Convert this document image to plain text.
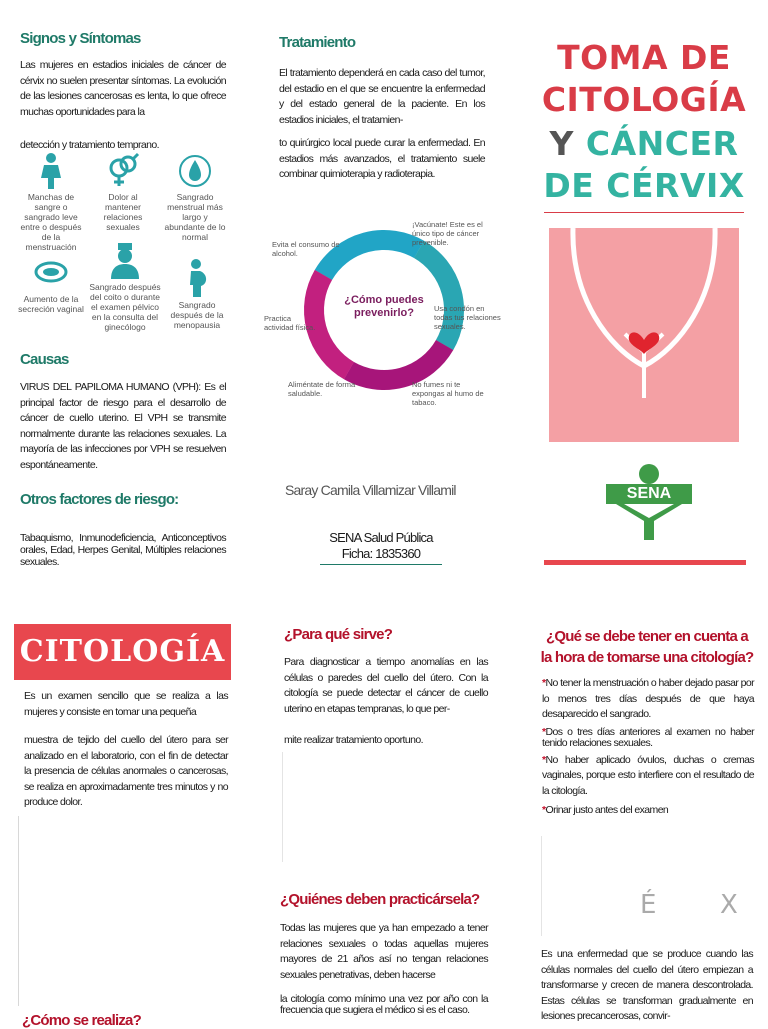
Signos y Síntomas
Las mujeres en estadios iniciales de cáncer de cérvix no suelen presentar síntomas. La evolución de las lesiones cancerosas es lenta, lo que ofrece muchas oportunidades para la
detección y tratamiento temprano.
Manchas de sangre o sangrado leve entre o después de la menstruación
Dolor al mantener relaciones sexuales
Sangrado menstrual más largo y abundante de lo normal
Aumento de la secreción vaginal
Sangrado después del coito o durante el examen pélvico en la consulta del ginecólogo
Sangrado después de la menopausia
Causas
VIRUS DEL PAPILOMA HUMANO (VPH): Es el principal factor de riesgo para el desarrollo de cáncer de cuello uterino. El VPH se transmite normalmente durante las relaciones sexuales. La mayoría de las infecciones por VPH se resuelven espontáneamente.
Otros factores de riesgo:
Tabaquismo, Inmunodeficiencia, Anticonceptivos orales, Edad, Herpes Genital, Múltiples relaciones sexuales.
Tratamiento
El tratamiento dependerá en cada caso del tumor, del estadio en el que se encuentre la enfermedad y del estado general de la paciente. En los estadios iniciales, el tratamien-
to quirúrgico local puede curar la enfermedad. En estadios más avanzados, el tratamiento suele combinar quimioterapia y radioterapia.
¿Cómo puedes prevenirlo?
Evita el consumo de alcohol.
¡Vacúnate! Este es el único tipo de cáncer prevenible.
Usa condón en todas tus relaciones sexuales.
No fumes ni te expongas al humo de tabaco.
Aliméntate de forma saludable.
Practica actividad física.
Saray Camila Villamizar Villamil
SENA Salud Pública
Ficha: 1835360
TOMA DE
CITOLOGÍA
Y CÁNCER
DE CÉRVIX
SENA
CITOLOGÍA
Es un examen sencillo que se realiza a las mujeres y consiste en tomar una pequeña
muestra de tejido del cuello del útero para ser analizado en el laboratorio, con el fin de detectar la presencia de células anormales o cancerosas, se realiza en aproximadamente tres minutos y no produce dolor.
¿Cómo se realiza?
¿Para qué sirve?
Para diagnosticar a tiempo anomalías en las células o paredes del cuello del útero. Con la citología se puede detectar el cáncer de cuello uterino en etapas tempranas, lo que per-
mite realizar tratamiento oportuno.
¿Quiénes deben practicársela?
Todas las mujeres que ya han empezado a tener relaciones sexuales o todas aquellas mujeres mayores de 21 años así no tengan relaciones sexuales penetrativas, deben hacerse
la citología como mínimo una vez por año con la frecuencia que sugiera el médico si es el caso.
¿Qué se debe tener en cuenta a la hora de tomarse una citología?
*No tener la menstruación o haber dejado pasar por lo menos tres días después de que haya desaparecido el sangrado.
*Dos o tres días anteriores al examen no haber tenido relaciones sexuales.
*No haber aplicado óvulos, duchas o cremas vaginales, porque esto interfiere con el resultado de la citología.
*Orinar justo antes del examen
É X
Es una enfermedad que se produce cuando las células normales del cuello del útero empiezan a transformarse y crecen de manera descontrolada. Estas células se transforman gradualmente en lesiones precancerosas, convir-
